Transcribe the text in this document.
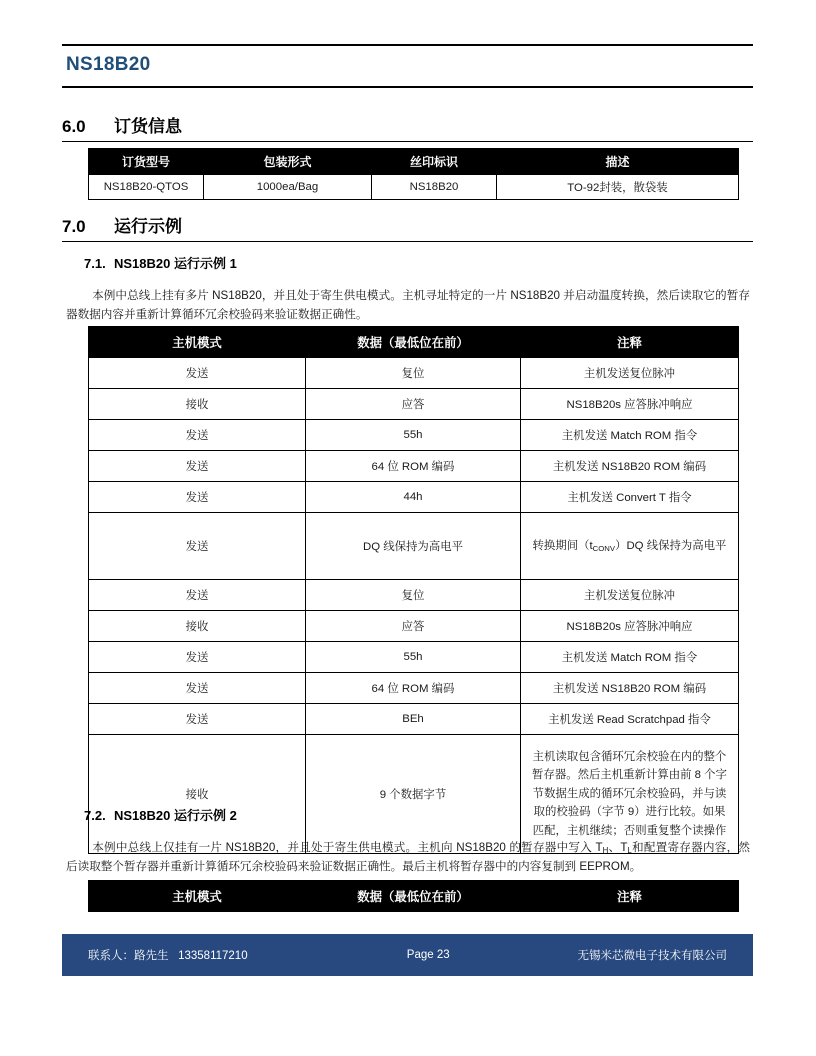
NS18B20
6.0 订货信息
订货型号	包装形式	丝印标识	描述
NS18B20-QTOS	1000ea/Bag	NS18B20	TO-92封装，散袋装
7.0 运行示例
7.1. NS18B20 运行示例 1
本例中总线上挂有多片 NS18B20，并且处于寄生供电模式。主机寻址特定的一片 NS18B20 并启动温度转换，然后读取它的暂存器数据内容并重新计算循环冗余校验码来验证数据正确性。
主机模式	数据（最低位在前）	注释
发送	复位	主机发送复位脉冲
接收	应答	NS18B20s 应答脉冲响应
发送	55h	主机发送 Match ROM 指令
发送	64 位 ROM 编码	主机发送 NS18B20 ROM 编码
发送	44h	主机发送 Convert T 指令
发送	DQ 线保持为高电平	转换期间$(t_{CONV})DQ$ 线保持为高电平
发送	复位	主机发送复位脉冲
接收	应答	NS18B20s 应答脉冲响应
发送	55h	主机发送 Match ROM 指令
发送	64 位 ROM 编码	主机发送 NS18B20 ROM 编码
发送	BEh	主机发送 Read Scratchpad 指令
接收	9 个数据字节	主机读取包含循环冗余校验在内的整个暂存器。然后主机重新计算由前 8 个字节数据生成的循环冗余校验码，并与读取的校验码（字节 9）进行比较。如果匹配，主机继续；否则重复整个读操作
7.2. NS18B20 运行示例 2
本例中总线上仅挂有一片 NS18B20，并且处于寄生供电模式。主机向 NS18B20 的暂存器中写入 $T_H$、$T_L$和配置寄存器内容，然后读取整个暂存器并重新计算循环冗余校验码来验证数据正确性。最后主机将暂存器中的内容复制到 EEPROM。
主机模式	数据（最低位在前）	注释
联系人：路先生   13358117210	Page 23	无锡米芯微电子技术有限公司
